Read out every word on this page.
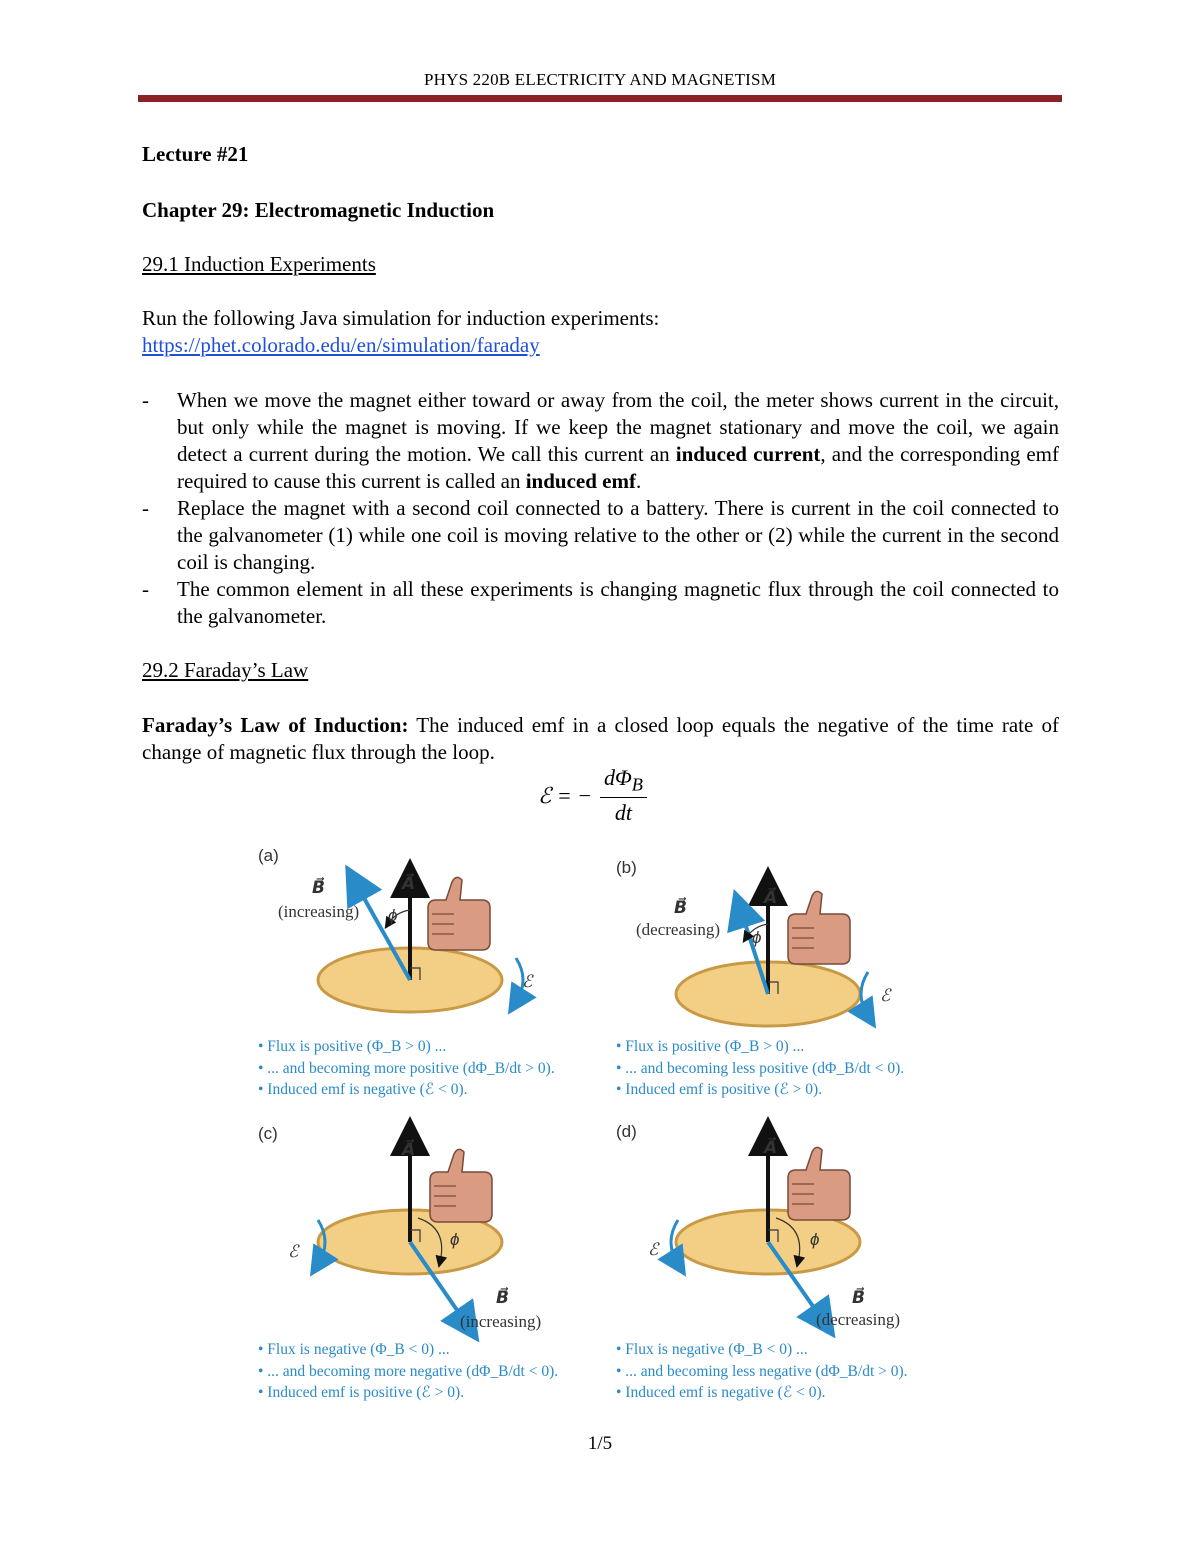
PHYS 220B ELECTRICITY AND MAGNETISM
Lecture #21
Chapter 29: Electromagnetic Induction
29.1 Induction Experiments
Run the following Java simulation for induction experiments:
https://phet.colorado.edu/en/simulation/faraday
- When we move the magnet either toward or away from the coil, the meter shows current in the circuit, but only while the magnet is moving. If we keep the magnet stationary and move the coil, we again detect a current during the motion. We call this current an induced current, and the corresponding emf required to cause this current is called an induced emf.
- Replace the magnet with a second coil connected to a battery. There is current in the coil connected to the galvanometer (1) while one coil is moving relative to the other or (2) while the current in the second coil is changing.
- The common element in all these experiments is changing magnetic flux through the coil connected to the galvanometer.
29.2 Faraday’s Law
Faraday’s Law of Induction: The induced emf in a closed loop equals the negative of the time rate of change of magnetic flux through the loop.
ℰ = − $\frac{d\Phi_B}{dt}$
(a)
(b)
(c)	(d)
B⃗
(increasing)
A⃗
ϕ
ℰ
B⃗
(decreasing)
A⃗
ϕ
ℰ
A⃗
ϕ
ℰ
B⃗
(increasing)
A⃗
ϕ
ℰ
B⃗
(decreasing)
• Flux is positive (Φ_B > 0) ...
• ... and becoming more positive (dΦ_B/dt > 0).
• Induced emf is negative (ℰ < 0).
• Flux is positive (Φ_B > 0) ...
• ... and becoming less positive (dΦ_B/dt < 0).
• Induced emf is positive (ℰ > 0).
• Flux is negative (Φ_B < 0) ...
• ... and becoming more negative (dΦ_B/dt < 0).
• Induced emf is positive (ℰ > 0).
• Flux is negative (Φ_B < 0) ...
• ... and becoming less negative (dΦ_B/dt > 0).
• Induced emf is negative (ℰ < 0).
1/5
